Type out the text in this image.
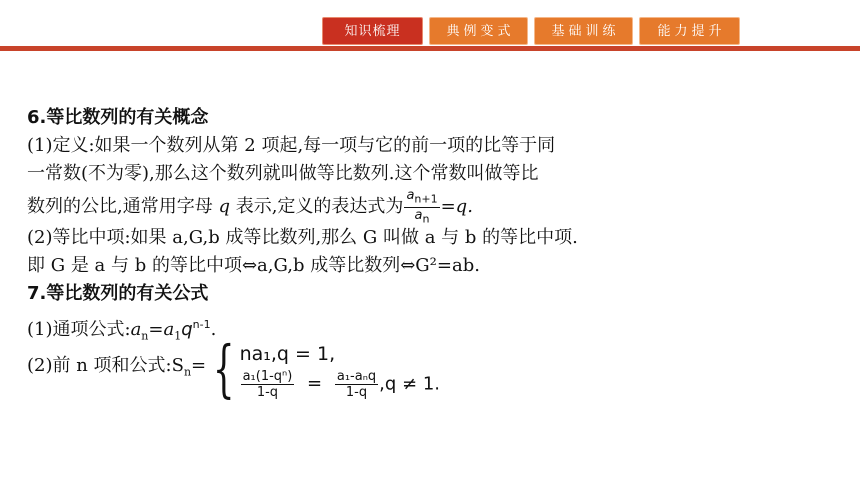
知识梳理	典例变式	基础训练	能力提升
6.等比数列的有关概念
(1)定义:如果一个数列从第 2 项起,每一项与它的前一项的比等于同
一常数(不为零),那么这个数列就叫做等比数列.这个常数叫做等比
数列的公比,通常用字母 q 表示,定义的表达式为 $\frac{a_{n+1}}{a_n} =q$.
(2)等比中项:如果 a,G,b 成等比数列,那么 G 叫做 a 与 b 的等比中项.
即 G 是 a 与 b 的等比中项⇔a,G,b 成等比数列⇔G²=ab.
7.等比数列的有关公式
(1)通项公式$:a_n=a_1q^{n-1}$.
(2)前 n 项和公式$:S_n=$ { na₁,q = 1,
$\frac{\text{a₁(1-qⁿ)}}{1-q} = \frac{\text{a₁-aₙq}}{1-q} ,q \ne 1$.
